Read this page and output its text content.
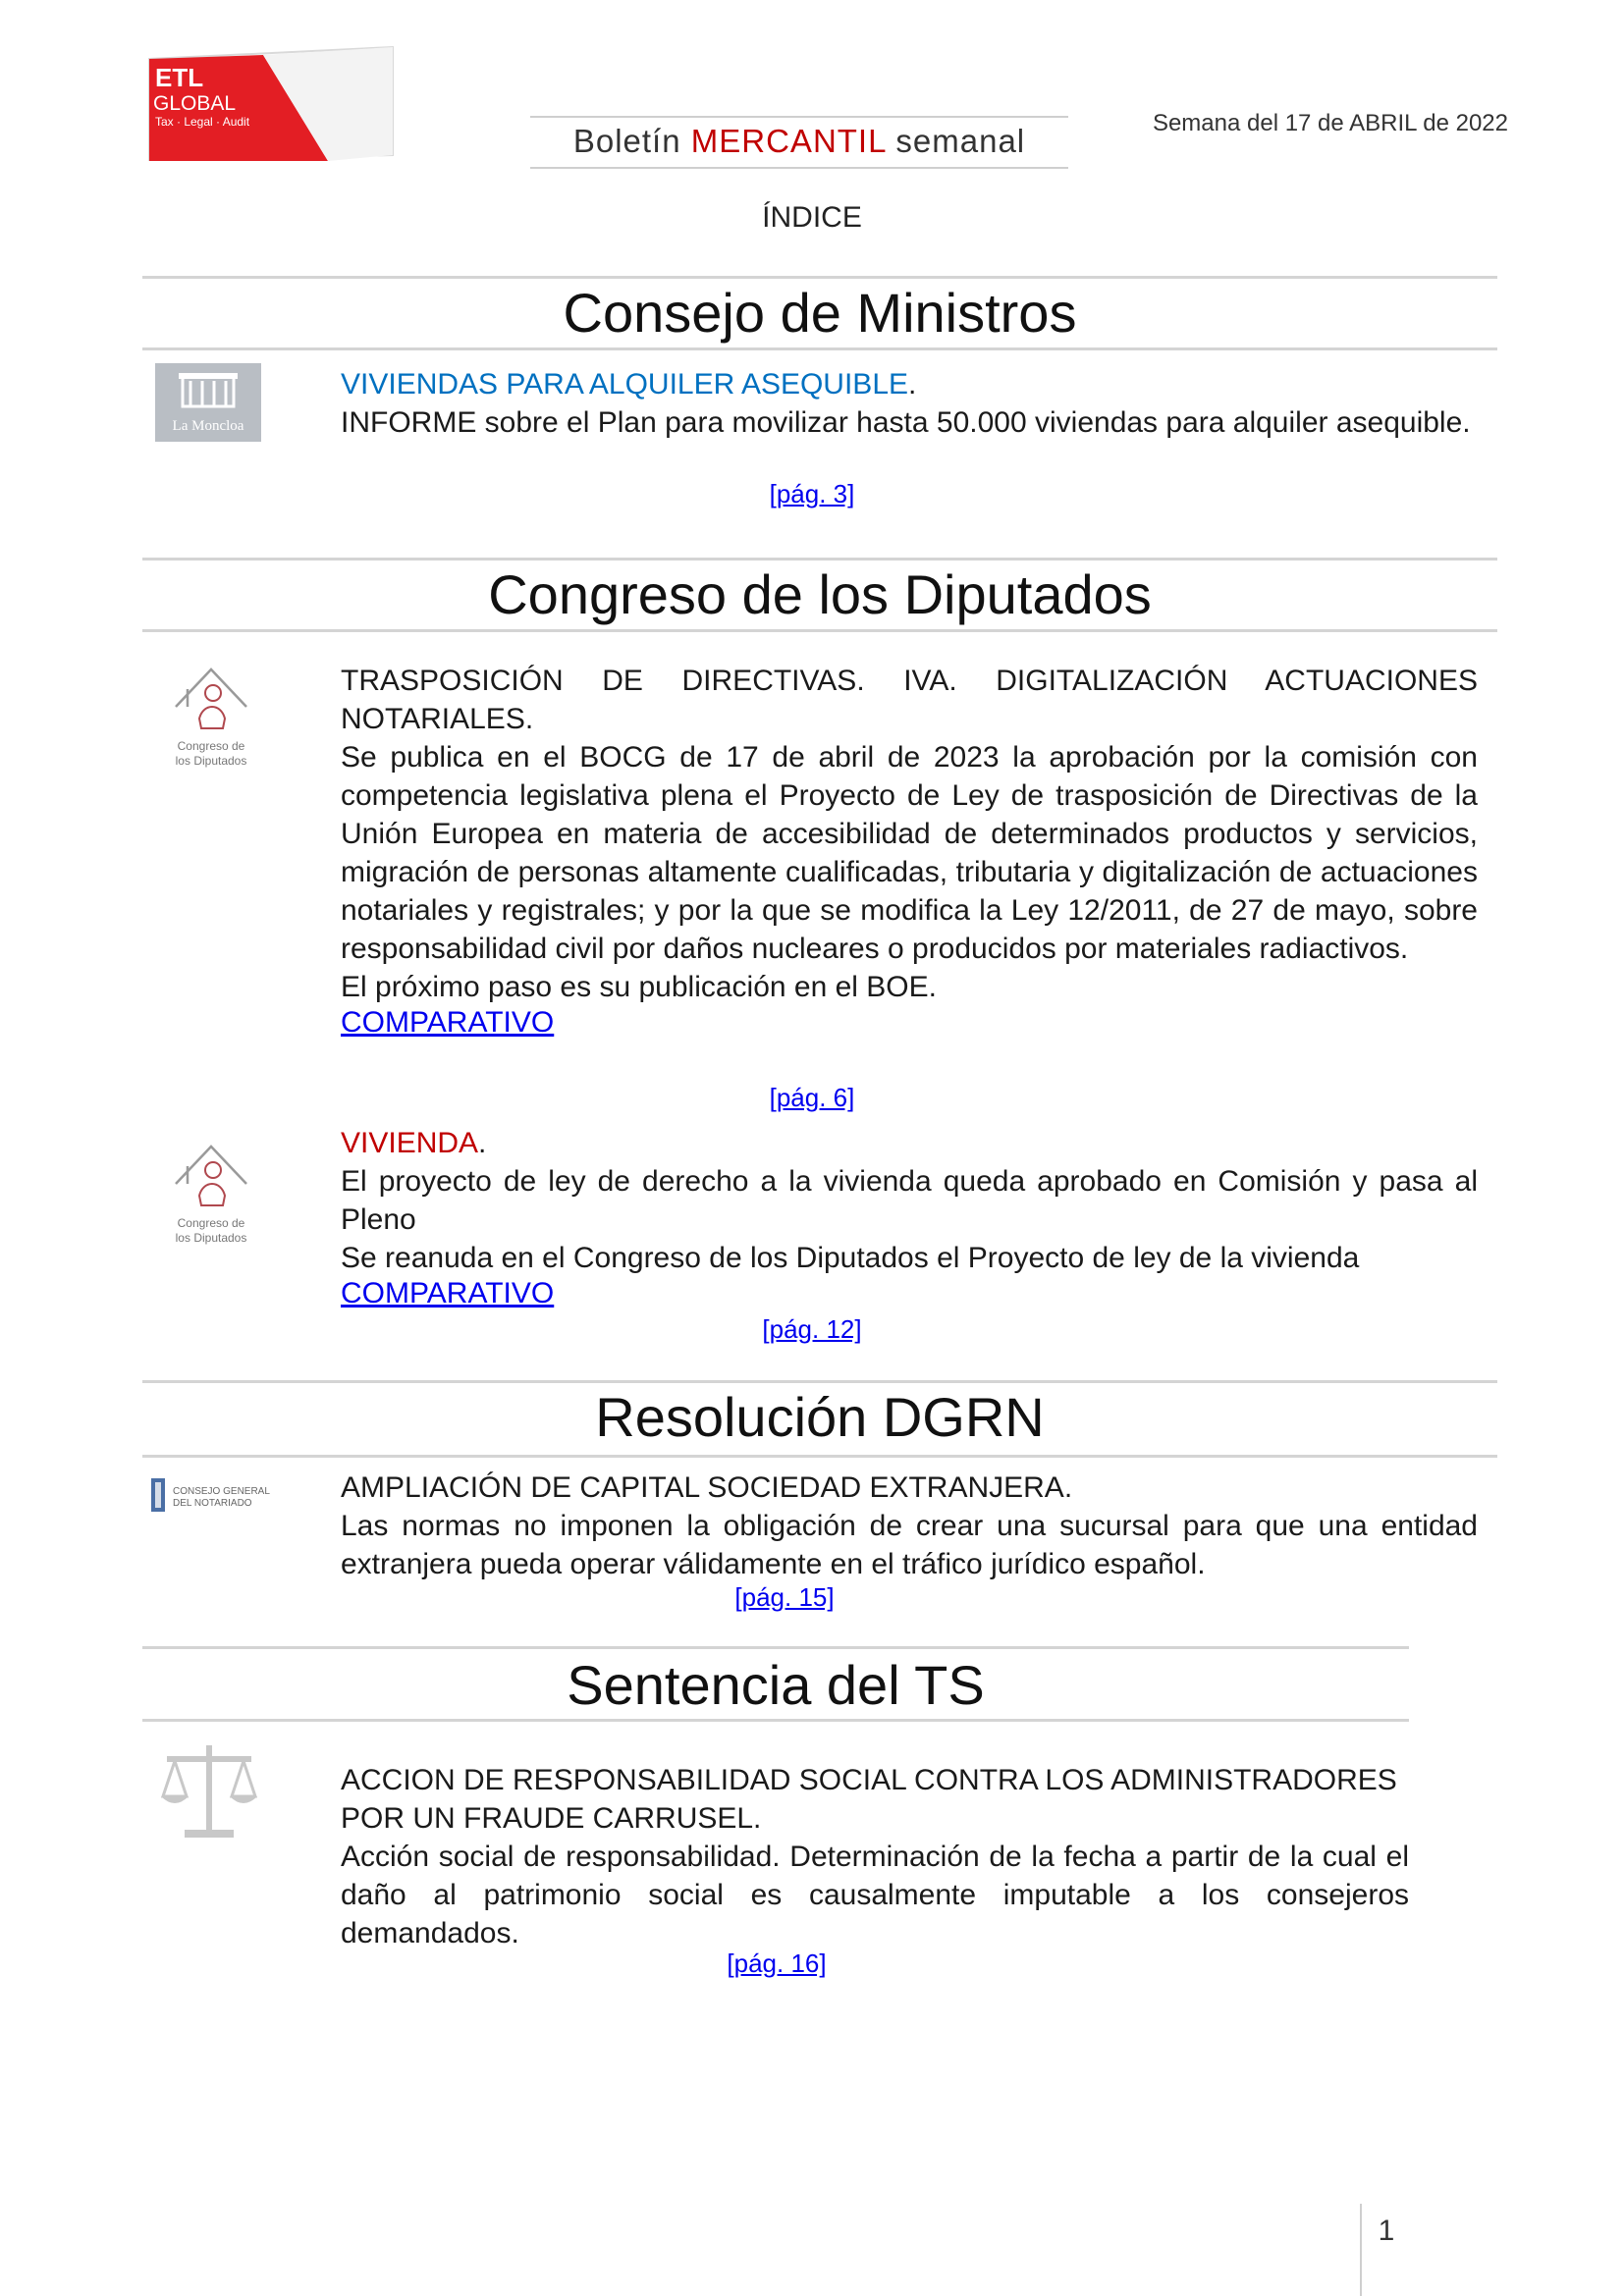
ETL
GLOBAL
Tax · Legal · Audit
Boletín MERCANTIL semanal	Semana del 17 de ABRIL de 2022
ÍNDICE
Consejo de Ministros
La Moncloa
VIVIENDAS PARA ALQUILER ASEQUIBLE.
INFORME sobre el Plan para movilizar hasta 50.000 viviendas para alquiler asequible.
[pág. 3]
Congreso de los Diputados
Congreso de
los Diputados
TRASPOSICIÓN DE DIRECTIVAS. IVA. DIGITALIZACIÓN ACTUACIONES NOTARIALES.
Se publica en el BOCG de 17 de abril de 2023 la aprobación por la comisión con competencia legislativa plena el Proyecto de Ley de trasposición de Directivas de la Unión Europea en materia de accesibilidad de determinados productos y servicios, migración de personas altamente cualificadas, tributaria y digitalización de actuaciones notariales y registrales; y por la que se modifica la Ley 12/2011, de 27 de mayo, sobre responsabilidad civil por daños nucleares o producidos por materiales radiactivos.
El próximo paso es su publicación en el BOE.
COMPARATIVO
[pág. 6]
Congreso de
los Diputados
VIVIENDA.
El proyecto de ley de derecho a la vivienda queda aprobado en Comisión y pasa al Pleno
Se reanuda en el Congreso de los Diputados el Proyecto de ley de la vivienda
COMPARATIVO
[pág. 12]
Resolución DGRN
CONSEJO GENERAL
DEL NOTARIADO	AMPLIACIÓN DE CAPITAL SOCIEDAD EXTRANJERA.
Las normas no imponen la obligación de crear una sucursal para que una entidad extranjera pueda operar válidamente en el tráfico jurídico español.
[pág. 15]
Sentencia del TS
ACCION DE RESPONSABILIDAD SOCIAL CONTRA LOS ADMINISTRADORES POR UN FRAUDE CARRUSEL.
Acción social de responsabilidad. Determinación de la fecha a partir de la cual el daño al patrimonio social es causalmente imputable a los consejeros demandados.
[pág. 16]
1
